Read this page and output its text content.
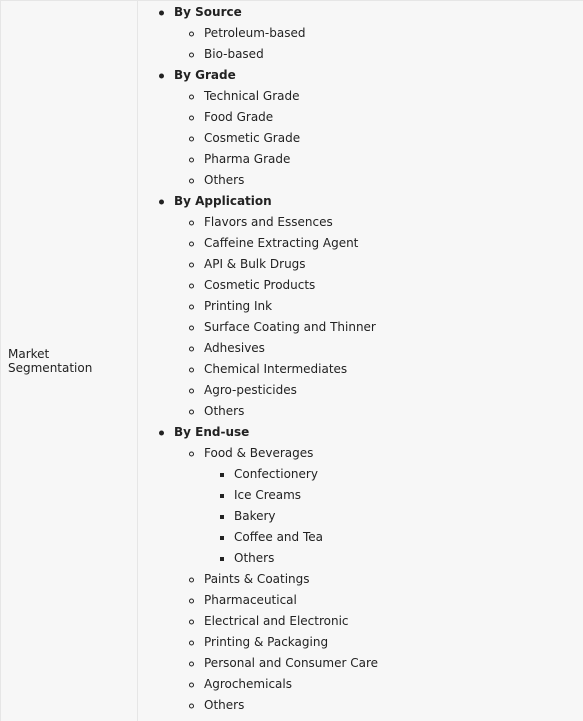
Market Segmentation
By Source
Petroleum-based
Bio-based
By Grade
Technical Grade
Food Grade
Cosmetic Grade
Pharma Grade
Others
By Application
Flavors and Essences
Caffeine Extracting Agent
API & Bulk Drugs
Cosmetic Products
Printing Ink
Surface Coating and Thinner
Adhesives
Chemical Intermediates
Agro-pesticides
Others
By End-use
Food & Beverages
Confectionery
Ice Creams
Bakery
Coffee and Tea
Others
Paints & Coatings
Pharmaceutical
Electrical and Electronic
Printing & Packaging
Personal and Consumer Care
Agrochemicals
Others
